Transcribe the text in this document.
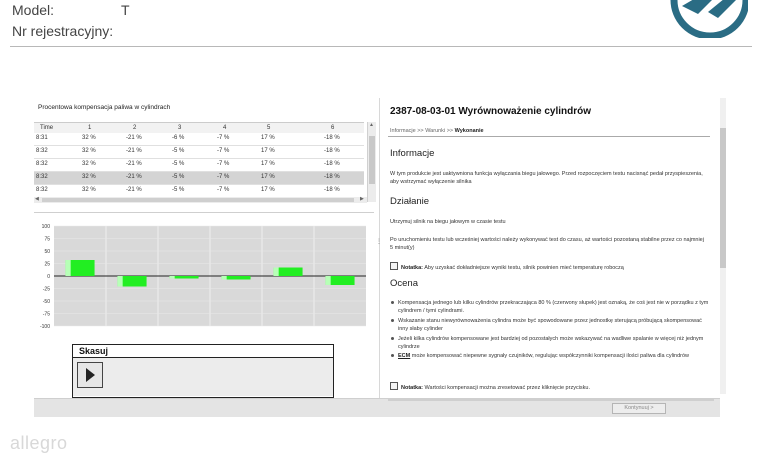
Model:	T
Nr rejestracyjny:
Procentowa kompensacja paliwa w cylindrach
Time	1	2	3	4	5	6
8:31	32 %	-21 %	-6 %	-7 %	17 %	-18 %
8:32	32 %	-21 %	-5 %	-7 %	17 %	-18 %
8:32	32 %	-21 %	-5 %	-7 %	17 %	-18 %
8:32	32 %	-21 %	-5 %	-7 %	17 %	-18 %
8:32	32 %	-21 %	-5 %	-7 %	17 %	-18 %
◀	▶
▲
100
75
50
25
0
-25
-50
-75
-100
Skasuj
⋮
2387-08-03-01 Wyrównoważenie cylindrów
Informacje >> Warunki >> Wykonanie
Informacje
W tym produkcie jest uaktywniona funkcja wyłączania biegu jałowego. Przed rozpoczęciem testu nacisnąć pedał przyspieszenia, aby wstrzymać wyłączenie silnika
Działanie
Utrzymuj silnik na biegu jałowym w czasie testu
Po uruchomieniu testu lub wcześniej wartości należy wykonywać test do czasu, aż wartości pozostaną stabilne przez co najmniej 5 minut(y)
Notatka: Aby uzyskać dokładniejsze wyniki testu, silnik powinien mieć temperaturę roboczą
Ocena
Kompensacja jednego lub kilku cylindrów przekraczająca 80 % (czerwony słupek) jest oznaką, że coś jest nie w porządku z tym cylindrem / tymi cylindrami.
Wskazanie stanu niewyrównoważenia cylindra może być spowodowane przez jednostkę sterującą próbującą skompensować inny słaby cylinder
Jeżeli kilka cylindrów kompensowane jest bardziej od pozostałych może wskazywać na wadliwe spalanie w więcej niż jednym cylindrze
ECM może kompensować niepewne sygnały czujników, regulując współczynniki kompensacji ilości paliwa dla cylindrów
Notatka: Wartości kompensacji można zresetować przez kliknięcie przycisku.
Kontynuuj >
allegro
